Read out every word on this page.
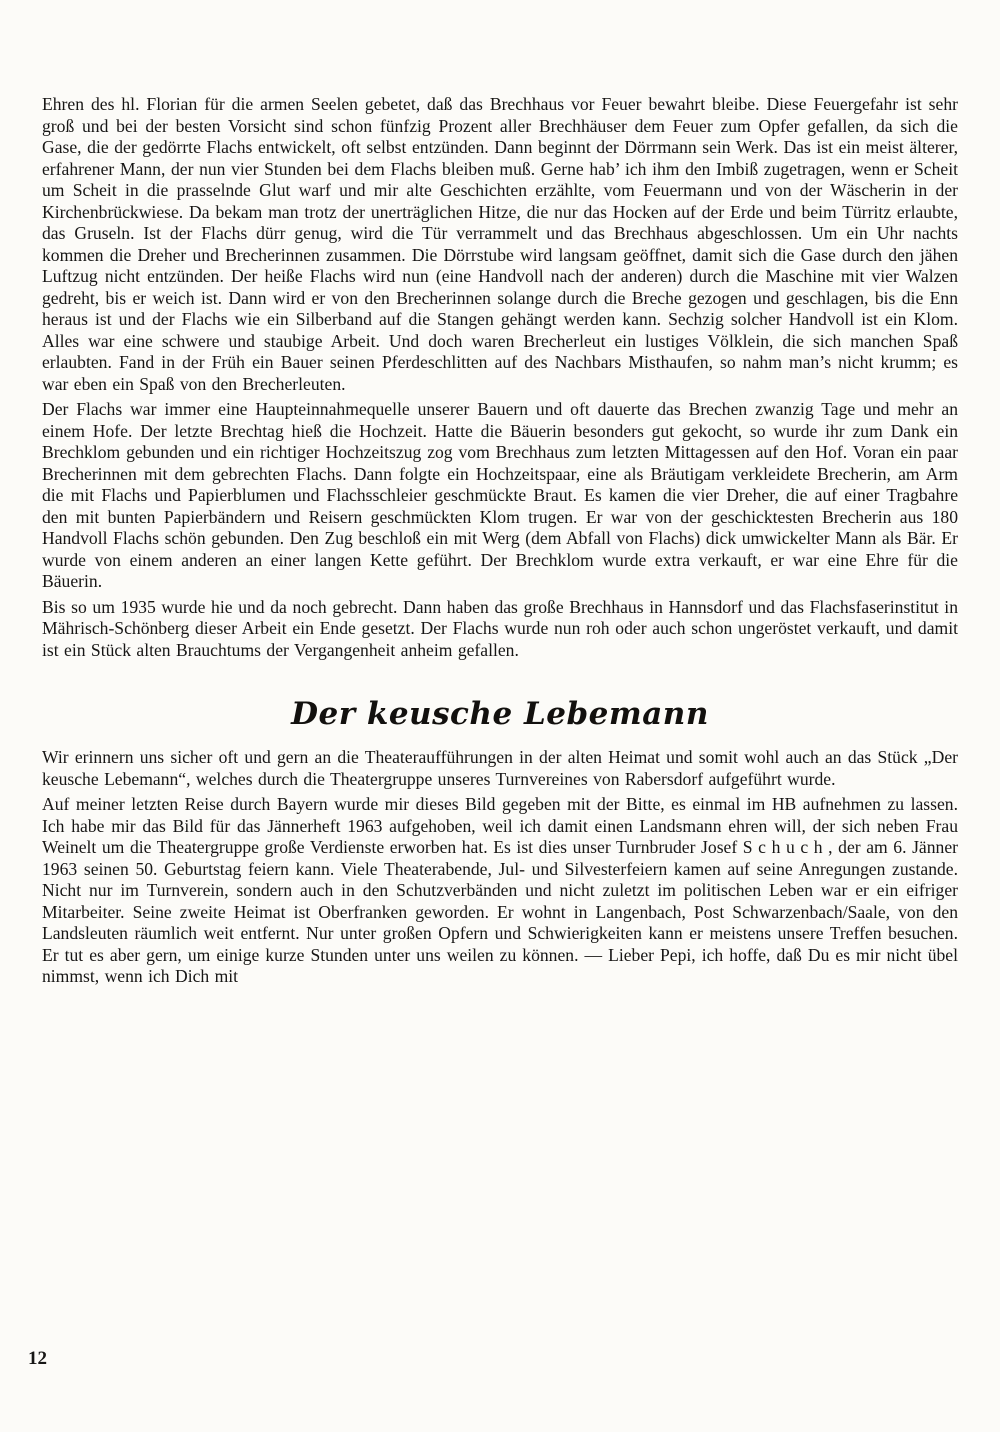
Ehren des hl. Florian für die armen Seelen gebetet, daß das Brechhaus vor Feuer bewahrt bleibe. Diese Feuergefahr ist sehr groß und bei der besten Vorsicht sind schon fünfzig Prozent aller Brechhäuser dem Feuer zum Opfer gefallen, da sich die Gase, die der gedörrte Flachs entwickelt, oft selbst entzünden. Dann beginnt der Dörrmann sein Werk. Das ist ein meist älterer, erfahrener Mann, der nun vier Stunden bei dem Flachs bleiben muß. Gerne hab’ ich ihm den Imbiß zugetragen, wenn er Scheit um Scheit in die prasselnde Glut warf und mir alte Geschichten erzählte, vom Feuermann und von der Wäscherin in der Kirchenbrückwiese. Da bekam man trotz der unerträglichen Hitze, die nur das Hocken auf der Erde und beim Türritz erlaubte, das Gruseln. Ist der Flachs dürr genug, wird die Tür verrammelt und das Brechhaus abgeschlossen. Um ein Uhr nachts kommen die Dreher und Brecherinnen zusammen. Die Dörrstube wird langsam geöffnet, damit sich die Gase durch den jähen Luftzug nicht entzünden. Der heiße Flachs wird nun (eine Handvoll nach der anderen) durch die Maschine mit vier Walzen gedreht, bis er weich ist. Dann wird er von den Brecherinnen solange durch die Breche gezogen und geschlagen, bis die Enn heraus ist und der Flachs wie ein Silberband auf die Stangen gehängt werden kann. Sechzig solcher Handvoll ist ein Klom. Alles war eine schwere und staubige Arbeit. Und doch waren Brecherleut ein lustiges Völklein, die sich manchen Spaß erlaubten. Fand in der Früh ein Bauer seinen Pferdeschlitten auf des Nachbars Misthaufen, so nahm man’s nicht krumm; es war eben ein Spaß von den Brecherleuten.

Der Flachs war immer eine Haupteinnahmequelle unserer Bauern und oft dauerte das Brechen zwanzig Tage und mehr an einem Hofe. Der letzte Brechtag hieß die Hochzeit. Hatte die Bäuerin besonders gut gekocht, so wurde ihr zum Dank ein Brechklom gebunden und ein richtiger Hochzeitszug zog vom Brechhaus zum letzten Mittagessen auf den Hof. Voran ein paar Brecherinnen mit dem gebrechten Flachs. Dann folgte ein Hochzeitspaar, eine als Bräutigam verkleidete Brecherin, am Arm die mit Flachs und Papierblumen und Flachsschleier geschmückte Braut. Es kamen die vier Dreher, die auf einer Tragbahre den mit bunten Papierbändern und Reisern geschmückten Klom trugen. Er war von der geschicktesten Brecherin aus 180 Handvoll Flachs schön gebunden. Den Zug beschloß ein mit Werg (dem Abfall von Flachs) dick umwickelter Mann als Bär. Er wurde von einem anderen an einer langen Kette geführt. Der Brechklom wurde extra verkauft, er war eine Ehre für die Bäuerin.

Bis so um 1935 wurde hie und da noch gebrecht. Dann haben das große Brechhaus in Hannsdorf und das Flachsfaserinstitut in Mährisch-Schönberg dieser Arbeit ein Ende gesetzt. Der Flachs wurde nun roh oder auch schon ungeröstet verkauft, und damit ist ein Stück alten Brauchtums der Vergangenheit anheim gefallen.

Der keusche Lebemann

Wir erinnern uns sicher oft und gern an die Theateraufführungen in der alten Heimat und somit wohl auch an das Stück „Der keusche Lebemann“, welches durch die Theatergruppe unseres Turnvereines von Rabersdorf aufgeführt wurde.

Auf meiner letzten Reise durch Bayern wurde mir dieses Bild gegeben mit der Bitte, es einmal im HB aufnehmen zu lassen. Ich habe mir das Bild für das Jännerheft 1963 aufgehoben, weil ich damit einen Landsmann ehren will, der sich neben Frau Weinelt um die Theatergruppe große Verdienste erworben hat. Es ist dies unser Turnbruder Josef S c h u c h , der am 6. Jänner 1963 seinen 50. Geburtstag feiern kann. Viele Theaterabende, Jul- und Silvesterfeiern kamen auf seine Anregungen zustande. Nicht nur im Turnverein, sondern auch in den Schutzverbänden und nicht zuletzt im politischen Leben war er ein eifriger Mitarbeiter. Seine zweite Heimat ist Oberfranken geworden. Er wohnt in Langenbach, Post Schwarzenbach/Saale, von den Landsleuten räumlich weit entfernt. Nur unter großen Opfern und Schwierigkeiten kann er meistens unsere Treffen besuchen. Er tut es aber gern, um einige kurze Stunden unter uns weilen zu können. — Lieber Pepi, ich hoffe, daß Du es mir nicht übel nimmst, wenn ich Dich mit

12
